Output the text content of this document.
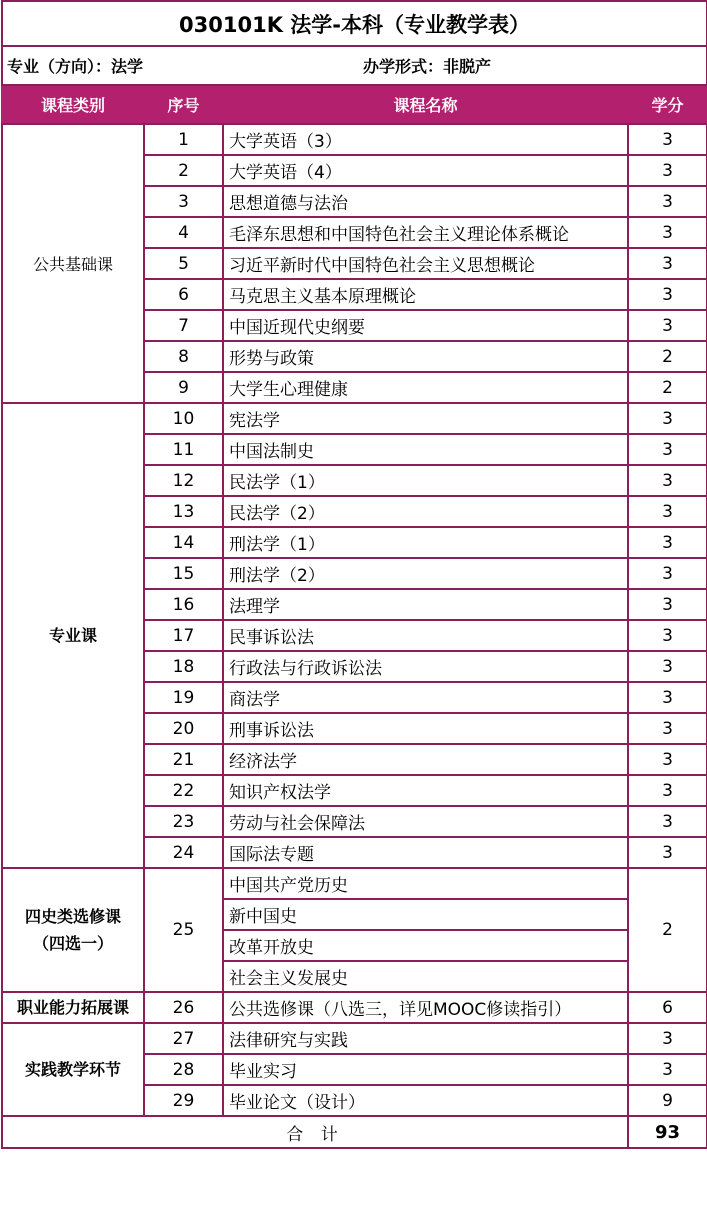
030101K 法学-本科（专业教学表）			
专业（方向）：法学 办学形式：非脱产			

课程类别	序号	课程名称	学分
公共基础课	1	大学英语（3）	3
	2	大学英语（4）	3
	3	思想道德与法治	3
	4	毛泽东思想和中国特色社会主义理论体系概论	3
	5	习近平新时代中国特色社会主义思想概论	3
	6	马克思主义基本原理概论	3
	7	中国近现代史纲要	3
	8	形势与政策	2
	9	大学生心理健康	2
专业课	10	宪法学	3
	11	中国法制史	3
	12	民法学（1）	3
	13	民法学（2）	3
	14	刑法学（1）	3
	15	刑法学（2）	3
	16	法理学	3
	17	民事诉讼法	3
	18	行政法与行政诉讼法	3
	19	商法学	3
	20	刑事诉讼法	3
	21	经济法学	3
	22	知识产权法学	3
	23	劳动与社会保障法	3
	24	国际法专题	3

四史类选修课
（四选一）	25	中国共产党历史	2
		新中国史	
		改革开放史	
		社会主义发展史	
职业能力拓展课	26	公共选修课（八选三，详见MOOC修读指引）	6
实践教学环节	27	法律研究与实践	3
	28	毕业实习	3
	29	毕业论文（设计）	9
合 计			93
